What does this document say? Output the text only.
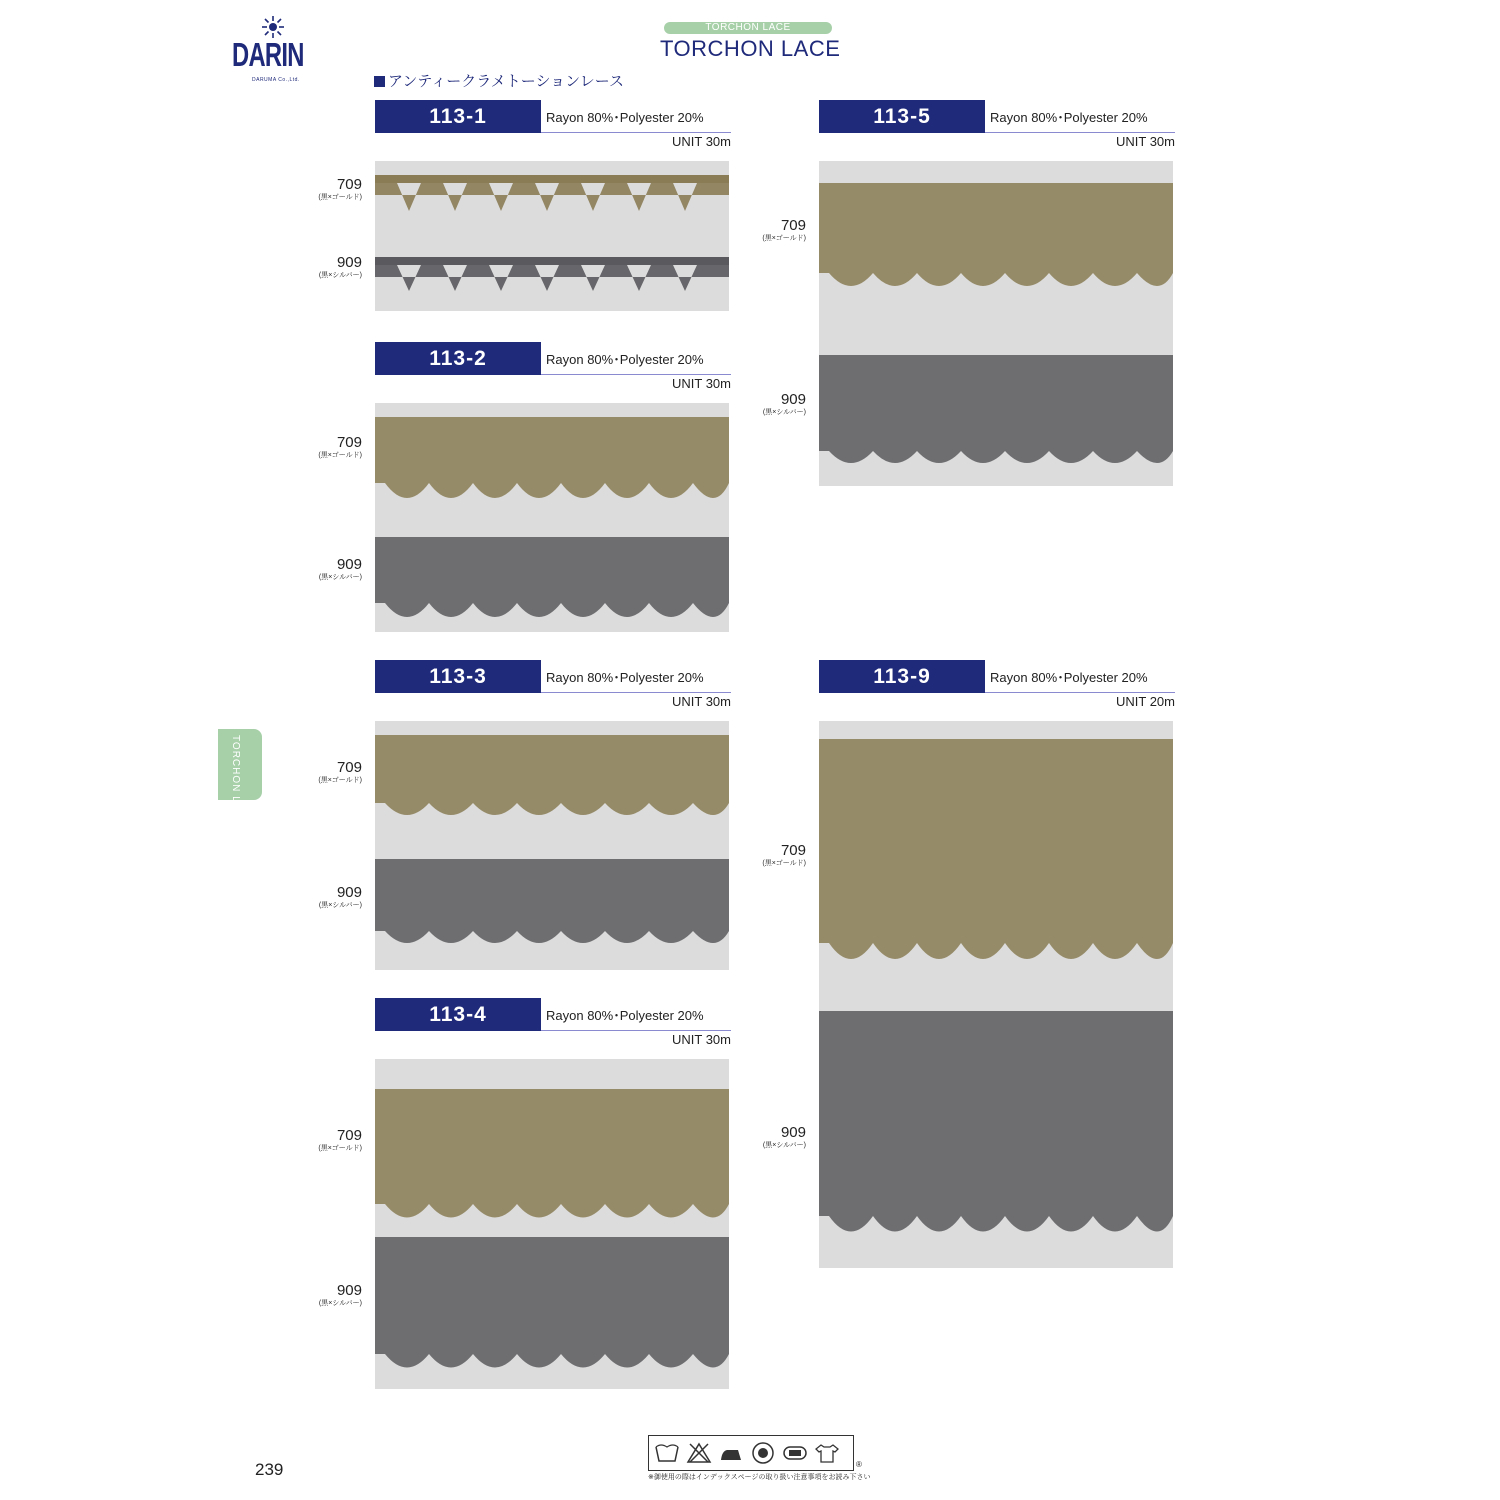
DARIN
DARUMA Co.,Ltd.
TORCHON LACE
TORCHON LACE
アンティークラメトーションレース
TORCHON LACE
113-1	Rayon 80%･Polyester 20%
UNIT 30m
709
(黒×ゴールド)
909
(黒×シルバー)
113-2	Rayon 80%･Polyester 20%
UNIT 30m
709
(黒×ゴールド)
909
(黒×シルバー)
113-3	Rayon 80%･Polyester 20%
UNIT 30m
709
(黒×ゴールド)
909
(黒×シルバー)
113-4	Rayon 80%･Polyester 20%
UNIT 30m
709
(黒×ゴールド)
909
(黒×シルバー)
113-5	Rayon 80%･Polyester 20%
UNIT 30m
709
(黒×ゴールド)
909
(黒×シルバー)
113-9	Rayon 80%･Polyester 20%
UNIT 20m
709
(黒×ゴールド)
909
(黒×シルバー)
239	※御使用の際はインデックスページの取り扱い注意事項をお読み下さい
®
